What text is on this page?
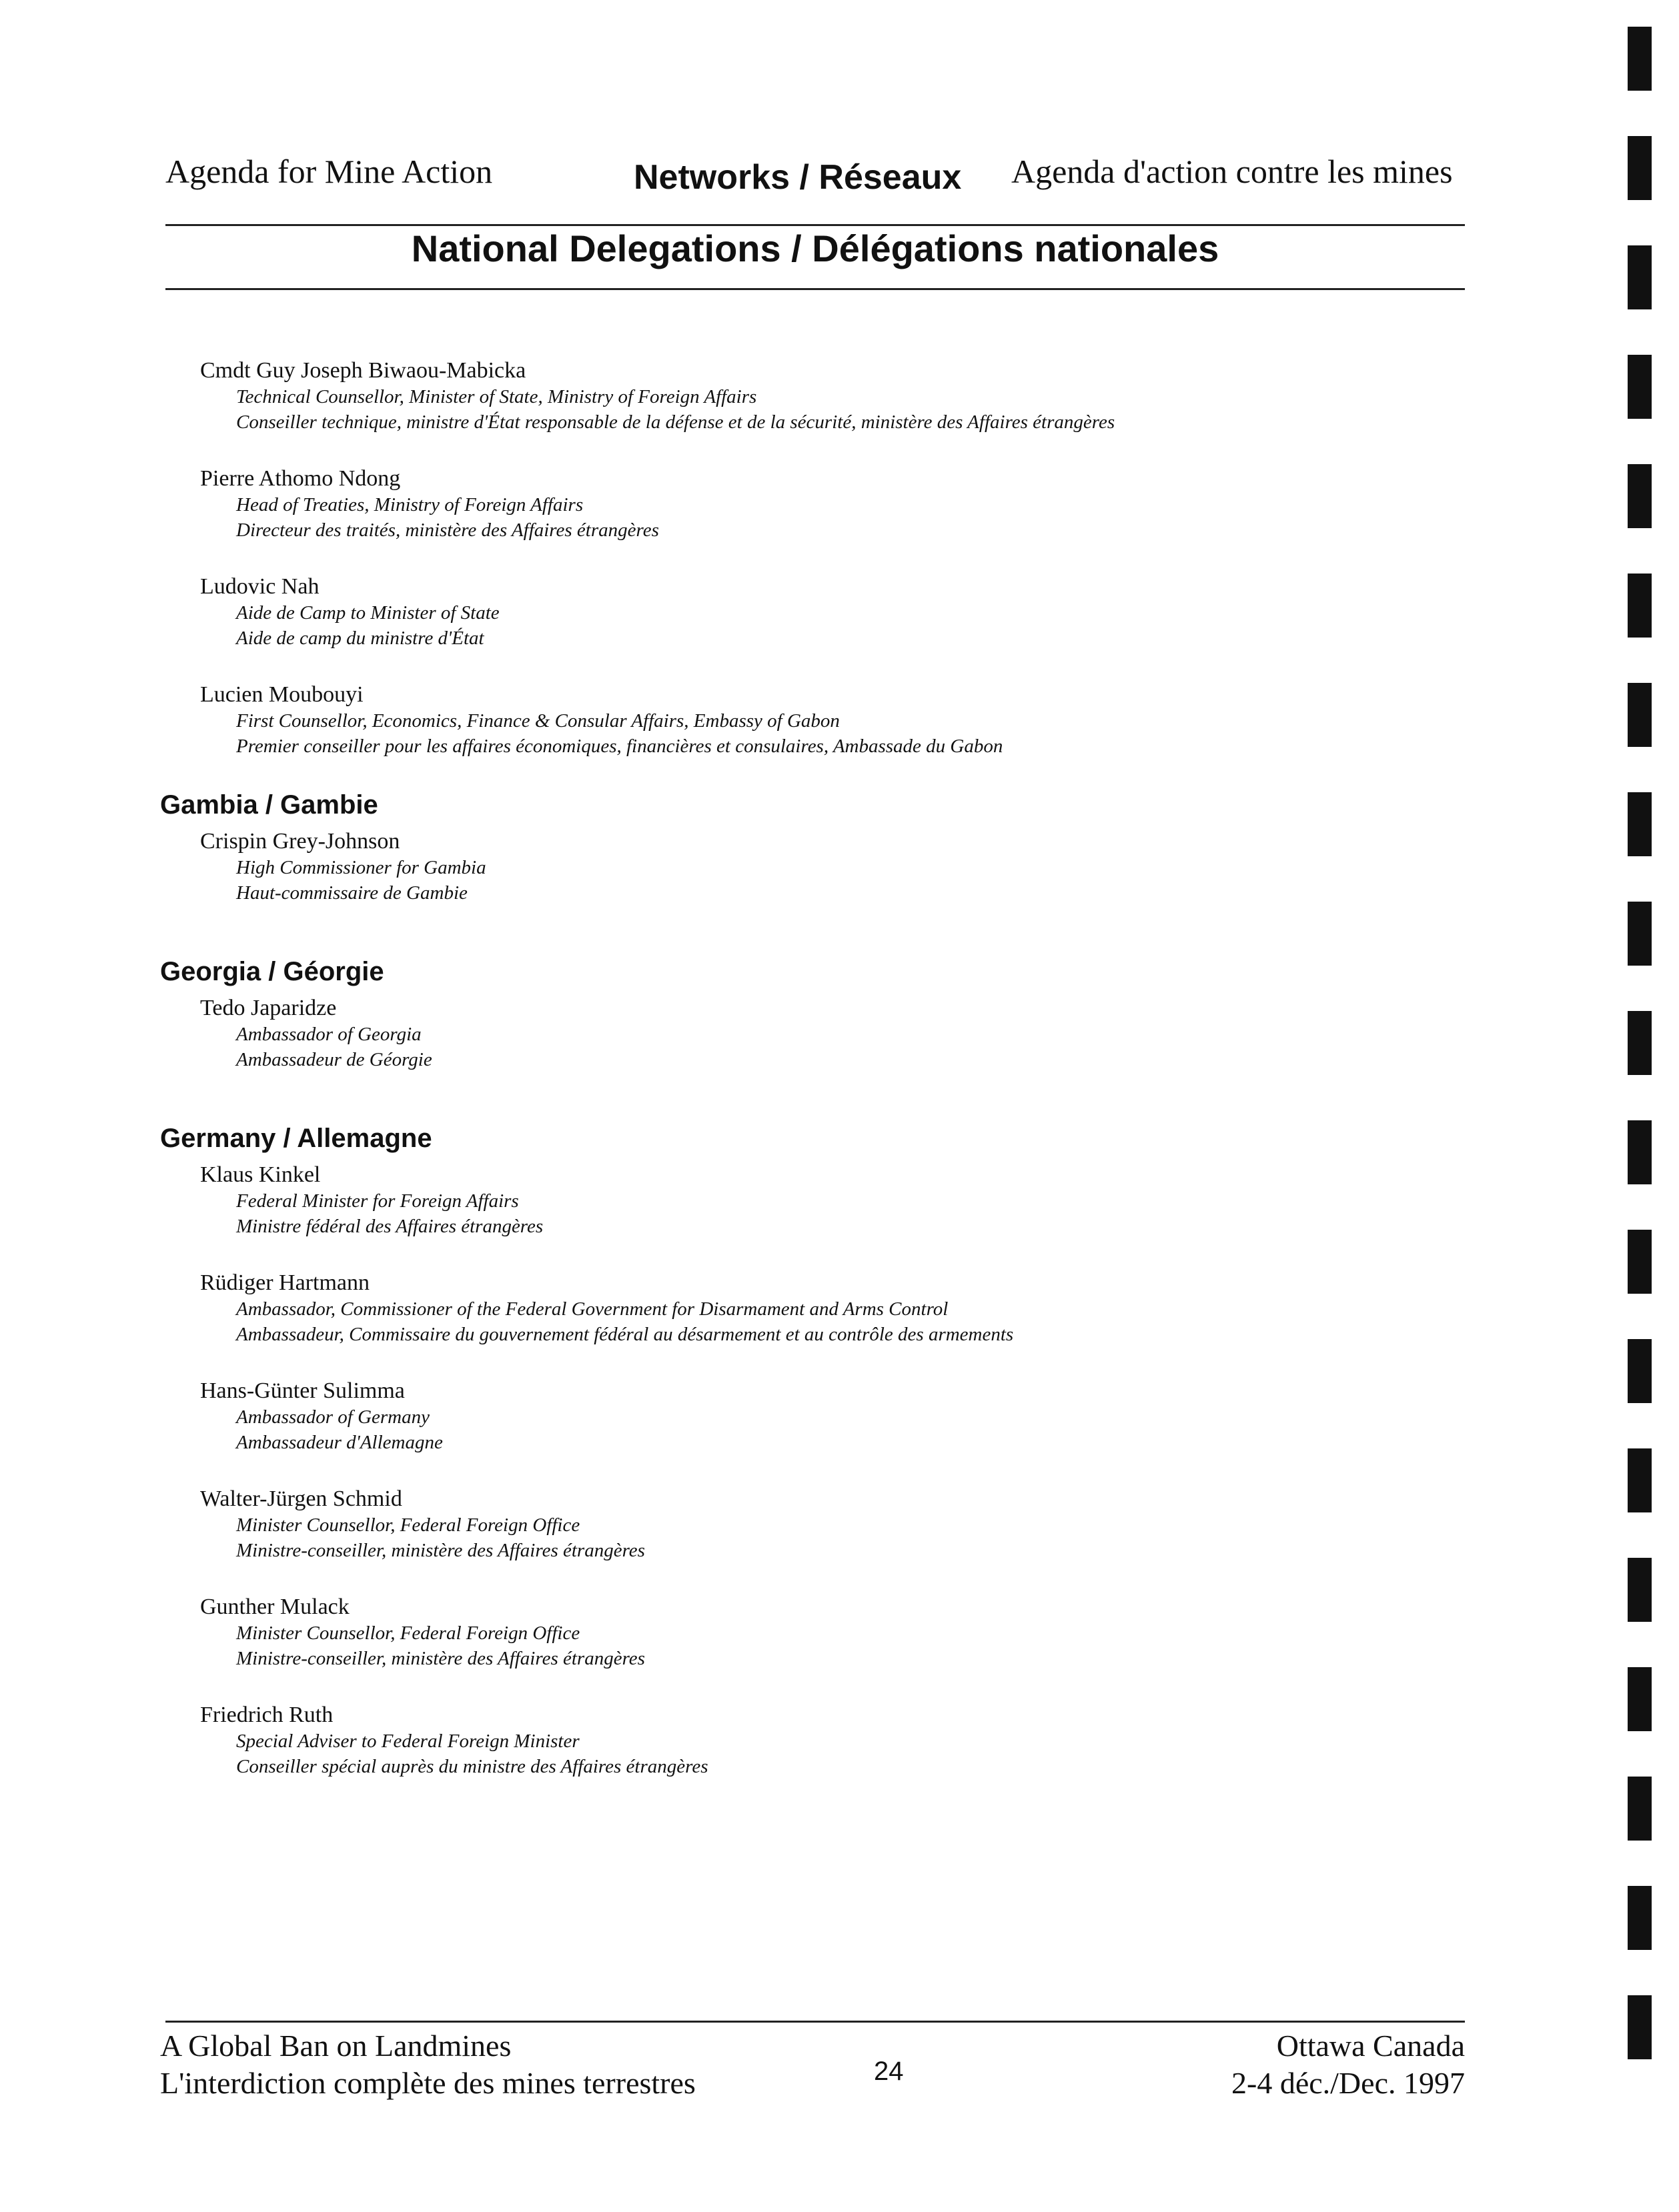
Agenda for Mine Action	Networks / Réseaux Agenda d'action contre les mines
National Delegations / Délégations nationales
Cmdt Guy Joseph Biwaou-Mabicka
Technical Counsellor, Minister of State, Ministry of Foreign Affairs
Conseiller technique, ministre d'État responsable de la défense et de la sécurité, ministère des Affaires étrangères
Pierre Athomo Ndong
Head of Treaties, Ministry of Foreign Affairs
Directeur des traités, ministère des Affaires étrangères
Ludovic Nah
Aide de Camp to Minister of State
Aide de camp du ministre d'État
Lucien Moubouyi
First Counsellor, Economics, Finance & Consular Affairs, Embassy of Gabon
Premier conseiller pour les affaires économiques, financières et consulaires, Ambassade du Gabon
Gambia / Gambie
Crispin Grey-Johnson
High Commissioner for Gambia
Haut-commissaire de Gambie
Georgia / Géorgie
Tedo Japaridze
Ambassador of Georgia
Ambassadeur de Géorgie
Germany / Allemagne
Klaus Kinkel
Federal Minister for Foreign Affairs
Ministre fédéral des Affaires étrangères
Rüdiger Hartmann
Ambassador, Commissioner of the Federal Government for Disarmament and Arms Control
Ambassadeur, Commissaire du gouvernement fédéral au désarmement et au contrôle des armements
Hans-Günter Sulimma
Ambassador of Germany
Ambassadeur d'Allemagne
Walter-Jürgen Schmid
Minister Counsellor, Federal Foreign Office
Ministre-conseiller, ministère des Affaires étrangères
Gunther Mulack
Minister Counsellor, Federal Foreign Office
Ministre-conseiller, ministère des Affaires étrangères
Friedrich Ruth
Special Adviser to Federal Foreign Minister
Conseiller spécial auprès du ministre des Affaires étrangères
A Global Ban on Landmines
L'interdiction complète des mines terrestres	24
Ottawa Canada
2-4 déc./Dec. 1997
